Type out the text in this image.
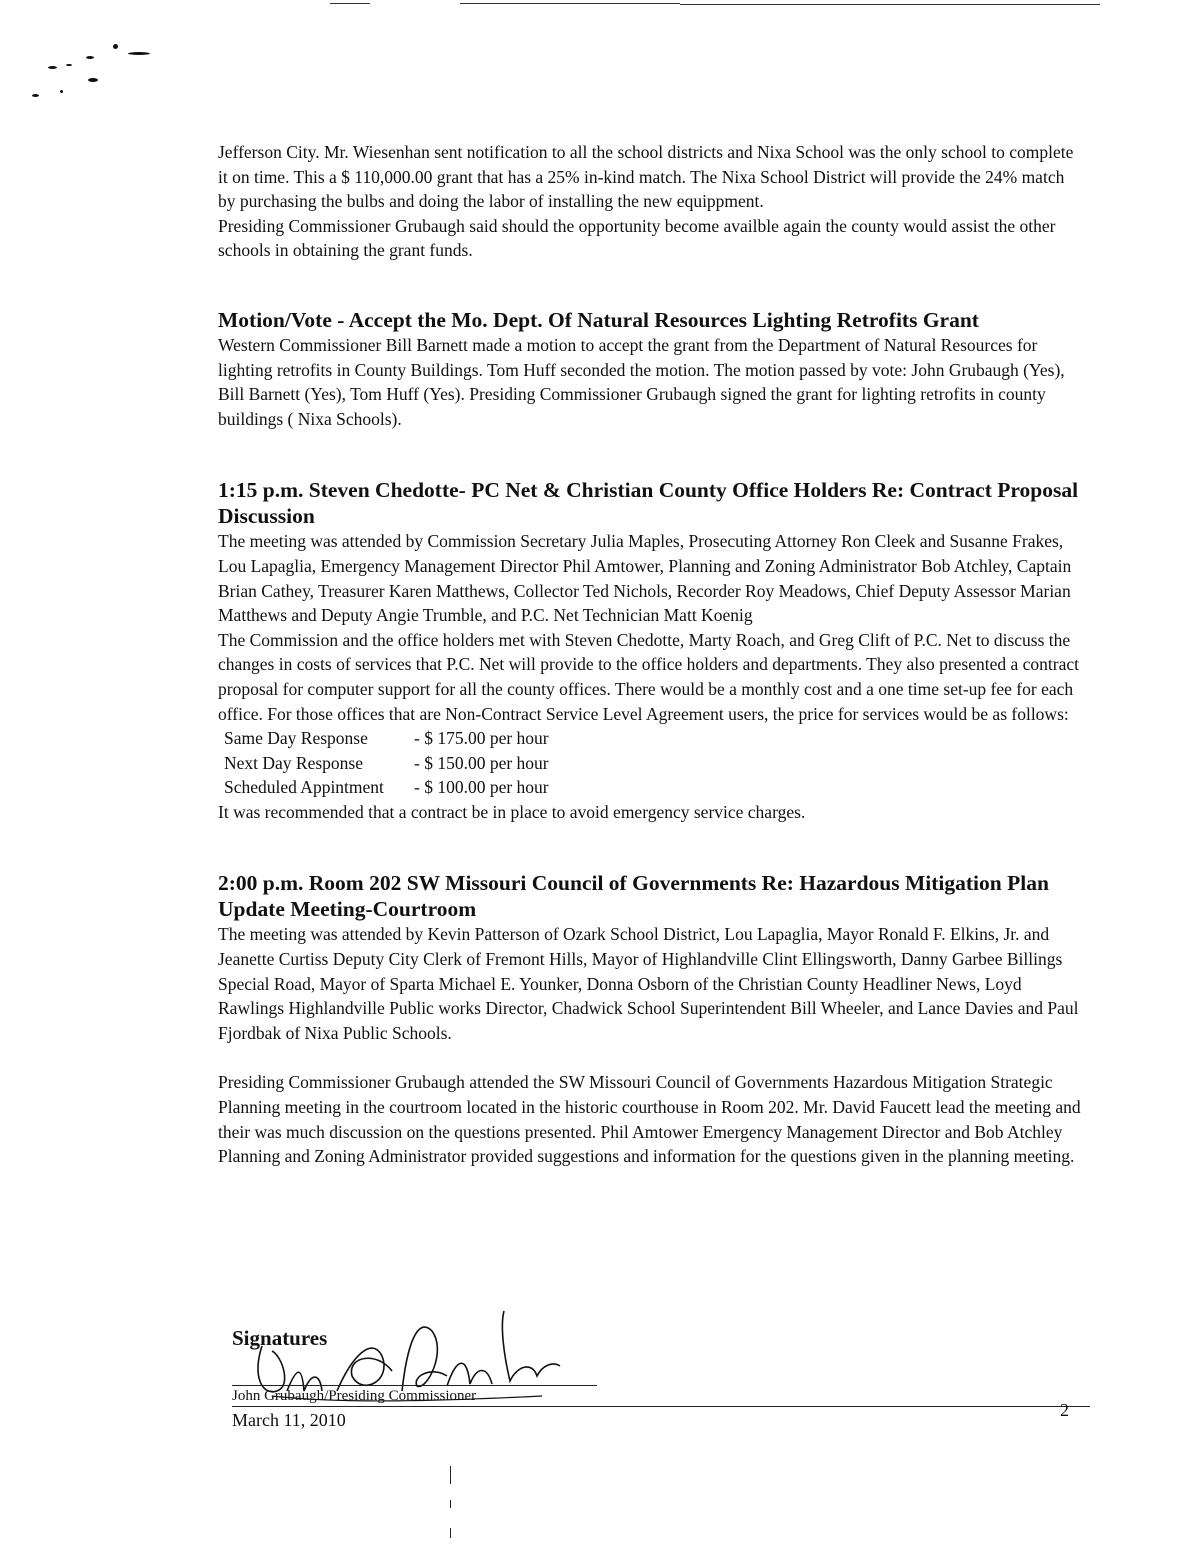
Jefferson City. Mr. Wiesenhan sent notification to all the school districts and Nixa School was the only school to complete it on time. This a $ 110,000.00 grant that has a 25% in-kind match. The Nixa School District will provide the 24% match by purchasing the bulbs and doing the labor of installing the new equippment.

Presiding Commissioner Grubaugh said should the opportunity become availble again the county would assist the other schools in obtaining the grant funds.

Motion/Vote - Accept the Mo. Dept. Of Natural Resources Lighting Retrofits Grant

Western Commissioner Bill Barnett made a motion to accept the grant from the Department of Natural Resources for lighting retrofits in County Buildings. Tom Huff seconded the motion. The motion passed by vote: John Grubaugh (Yes), Bill Barnett (Yes), Tom Huff (Yes). Presiding Commissioner Grubaugh signed the grant for lighting retrofits in county buildings ( Nixa Schools).

1:15 p.m. Steven Chedotte- PC Net & Christian County Office Holders Re: Contract Proposal Discussion

The meeting was attended by Commission Secretary Julia Maples, Prosecuting Attorney Ron Cleek and Susanne Frakes, Lou Lapaglia, Emergency Management Director Phil Amtower, Planning and Zoning Administrator Bob Atchley, Captain Brian Cathey, Treasurer Karen Matthews, Collector Ted Nichols, Recorder Roy Meadows, Chief Deputy Assessor Marian Matthews and Deputy Angie Trumble, and P.C. Net Technician Matt Koenig

The Commission and the office holders met with Steven Chedotte, Marty Roach, and Greg Clift of P.C. Net to discuss the changes in costs of services that P.C. Net will provide to the office holders and departments. They also presented a contract proposal for computer support for all the county offices. There would be a monthly cost and a one time set-up fee for each office. For those offices that are Non-Contract Service Level Agreement users, the price for services would be as follows:

Same Day Response	- $ 175.00 per hour
Next Day Response	- $ 150.00 per hour
Scheduled Appintment	- $ 100.00 per hour

It was recommended that a contract be in place to avoid emergency service charges.

2:00 p.m. Room 202 SW Missouri Council of Governments Re: Hazardous Mitigation Plan Update Meeting-Courtroom

The meeting was attended by Kevin Patterson of Ozark School District, Lou Lapaglia, Mayor Ronald F. Elkins, Jr. and Jeanette Curtiss Deputy City Clerk of Fremont Hills, Mayor of Highlandville Clint Ellingsworth, Danny Garbee Billings Special Road, Mayor of Sparta Michael E. Younker, Donna Osborn of the Christian County Headliner News, Loyd Rawlings Highlandville Public works Director, Chadwick School Superintendent Bill Wheeler, and Lance Davies and Paul Fjordbak of Nixa Public Schools.

Presiding Commissioner Grubaugh attended the SW Missouri Council of Governments Hazardous Mitigation Strategic Planning meeting in the courtroom located in the historic courthouse in Room 202. Mr. David Faucett lead the meeting and their was much discussion on the questions presented. Phil Amtower Emergency Management Director and Bob Atchley Planning and Zoning Administrator provided suggestions and information for the questions given in the planning meeting.

Signatures
John Grubaugh/Presiding Commissioner
March 11, 2010	2
